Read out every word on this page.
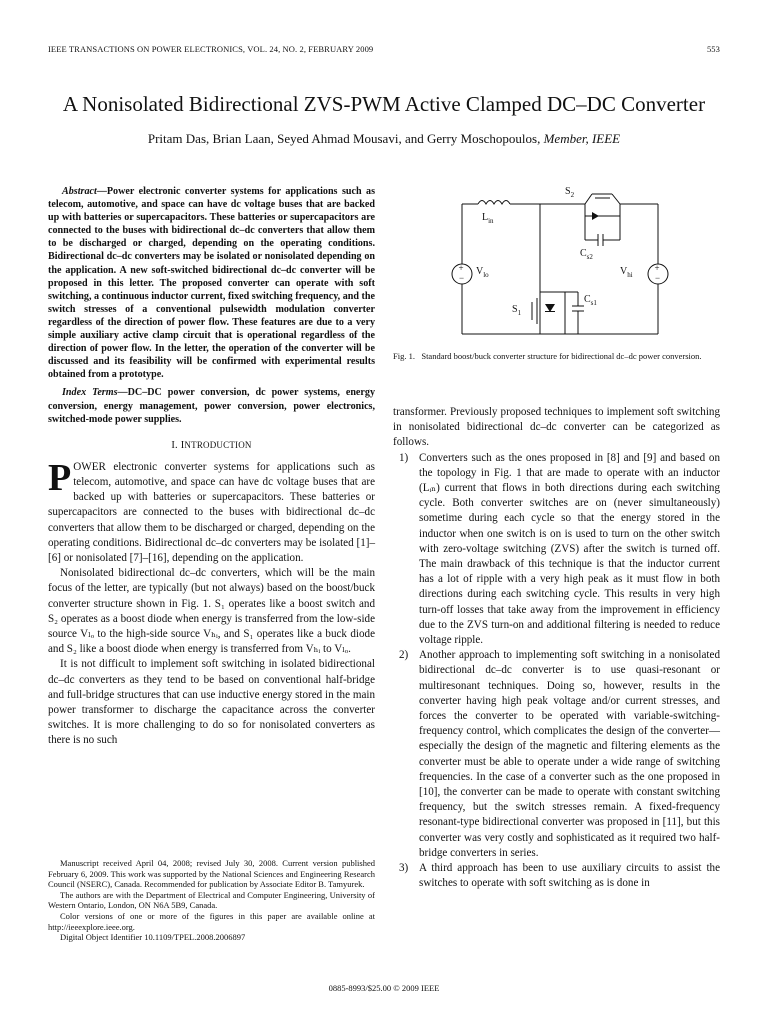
IEEE TRANSACTIONS ON POWER ELECTRONICS, VOL. 24, NO. 2, FEBRUARY 2009	553
A Nonisolated Bidirectional ZVS-PWM Active Clamped DC–DC Converter
Pritam Das, Brian Laan, Seyed Ahmad Mousavi, and Gerry Moschopoulos, Member, IEEE

Abstract—Power electronic converter systems for applications such as telecom, automotive, and space can have dc voltage buses that are backed up with batteries or supercapacitors. These batteries or supercapacitors are connected to the buses with bidirectional dc–dc converters that allow them to be discharged or charged, depending on the operating conditions. Bidirectional dc–dc converters may be isolated or nonisolated depending on the application. A new soft-switched bidirectional dc–dc converter will be proposed in this letter. The proposed converter can operate with soft switching, a continuous inductor current, fixed switching frequency, and the switch stresses of a conventional pulsewidth modulation converter regardless of the direction of power flow. These features are due to a very simple auxiliary active clamp circuit that is operational regardless of the direction of power flow. In the letter, the operation of the converter will be discussed and its feasibility will be confirmed with experimental results obtained from a prototype.

Index Terms—DC–DC power conversion, dc power systems, energy conversion, energy management, power conversion, power electronics, switched-mode power supplies.

I. INTRODUCTION

POWER electronic converter systems for applications such as telecom, automotive, and space can have dc voltage buses that are backed up with batteries or supercapacitors. These batteries or supercapacitors are connected to the buses with bidirectional dc–dc converters that allow them to be discharged or charged, depending on the operating conditions. Bidirectional dc–dc converters may be isolated [1]–[6] or nonisolated [7]–[16], depending on the application.

Nonisolated bidirectional dc–dc converters, which will be the main focus of the letter, are typically (but not always) based on the boost/buck converter structure shown in Fig. 1. S₁ operates like a boost switch and S₂ operates as a boost diode when energy is transferred from the low-side source Vₗₒ to the high-side source Vₕᵢ, and S₁ operates like a buck diode and S₂ like a boost diode when energy is transferred from Vₕᵢ to Vₗₒ.

It is not difficult to implement soft switching in isolated bidirectional dc–dc converters as they tend to be based on conventional half-bridge and full-bridge structures that can use inductive energy stored in the main power transformer to discharge the capacitance across the converter switches. It is more challenging to do so for nonisolated converters as there is no such

Manuscript received April 04, 2008; revised July 30, 2008. Current version published February 6, 2009. This work was supported by the National Sciences and Engineering Research Council (NSERC), Canada. Recommended for publication by Associate Editor B. Tamyurek.

The authors are with the Department of Electrical and Computer Engineering, University of Western Ontario, London, ON N6A 5B9, Canada.

Color versions of one or more of the figures in this paper are available online at http://ieeexplore.ieee.org.

Digital Object Identifier 10.1109/TPEL.2008.2006897

+
−
+
−
$S_2$
$L_{in}$
$C_{s2}$
$V_{lo}$	$V_{hi}$
$S_1$
$C_{s1}$
Fig. 1. Standard boost/buck converter structure for bidirectional dc–dc power conversion.

transformer. Previously proposed techniques to implement soft switching in nonisolated bidirectional dc–dc converter can be categorized as follows.

1) Converters such as the ones proposed in [8] and [9] and based on the topology in Fig. 1 that are made to operate with an inductor (Lᵢₙ) current that flows in both directions during each switching cycle. Both converter switches are on (never simultaneously) sometime during each cycle so that the energy stored in the inductor when one switch is on is used to turn on the other switch with zero-voltage switching (ZVS) after the switch is turned off. The main drawback of this technique is that the inductor current has a lot of ripple with a very high peak as it must flow in both directions during each switching cycle. This results in very high turn-off losses that take away from the improvement in efficiency due to the ZVS turn-on and additional filtering is needed to reduce voltage ripple.
2) Another approach to implementing soft switching in a nonisolated bidirectional dc–dc converter is to use quasi-resonant or multiresonant techniques. Doing so, however, results in the converter having high peak voltage and/or current stresses, and forces the converter to be operated with variable-switching-frequency control, which complicates the design of the converter—especially the design of the magnetic and filtering elements as the converter must be able to operate under a wide range of switching frequencies. In the case of a converter such as the one proposed in [10], the converter can be made to operate with constant switching frequency, but the switch stresses remain. A fixed-frequency resonant-type bidirectional converter was proposed in [11], but this converter was very costly and sophisticated as it required two half-bridge converters in series.
3) A third approach has been to use auxiliary circuits to assist the switches to operate with soft switching as is done in
0885-8993/$25.00 © 2009 IEEE
